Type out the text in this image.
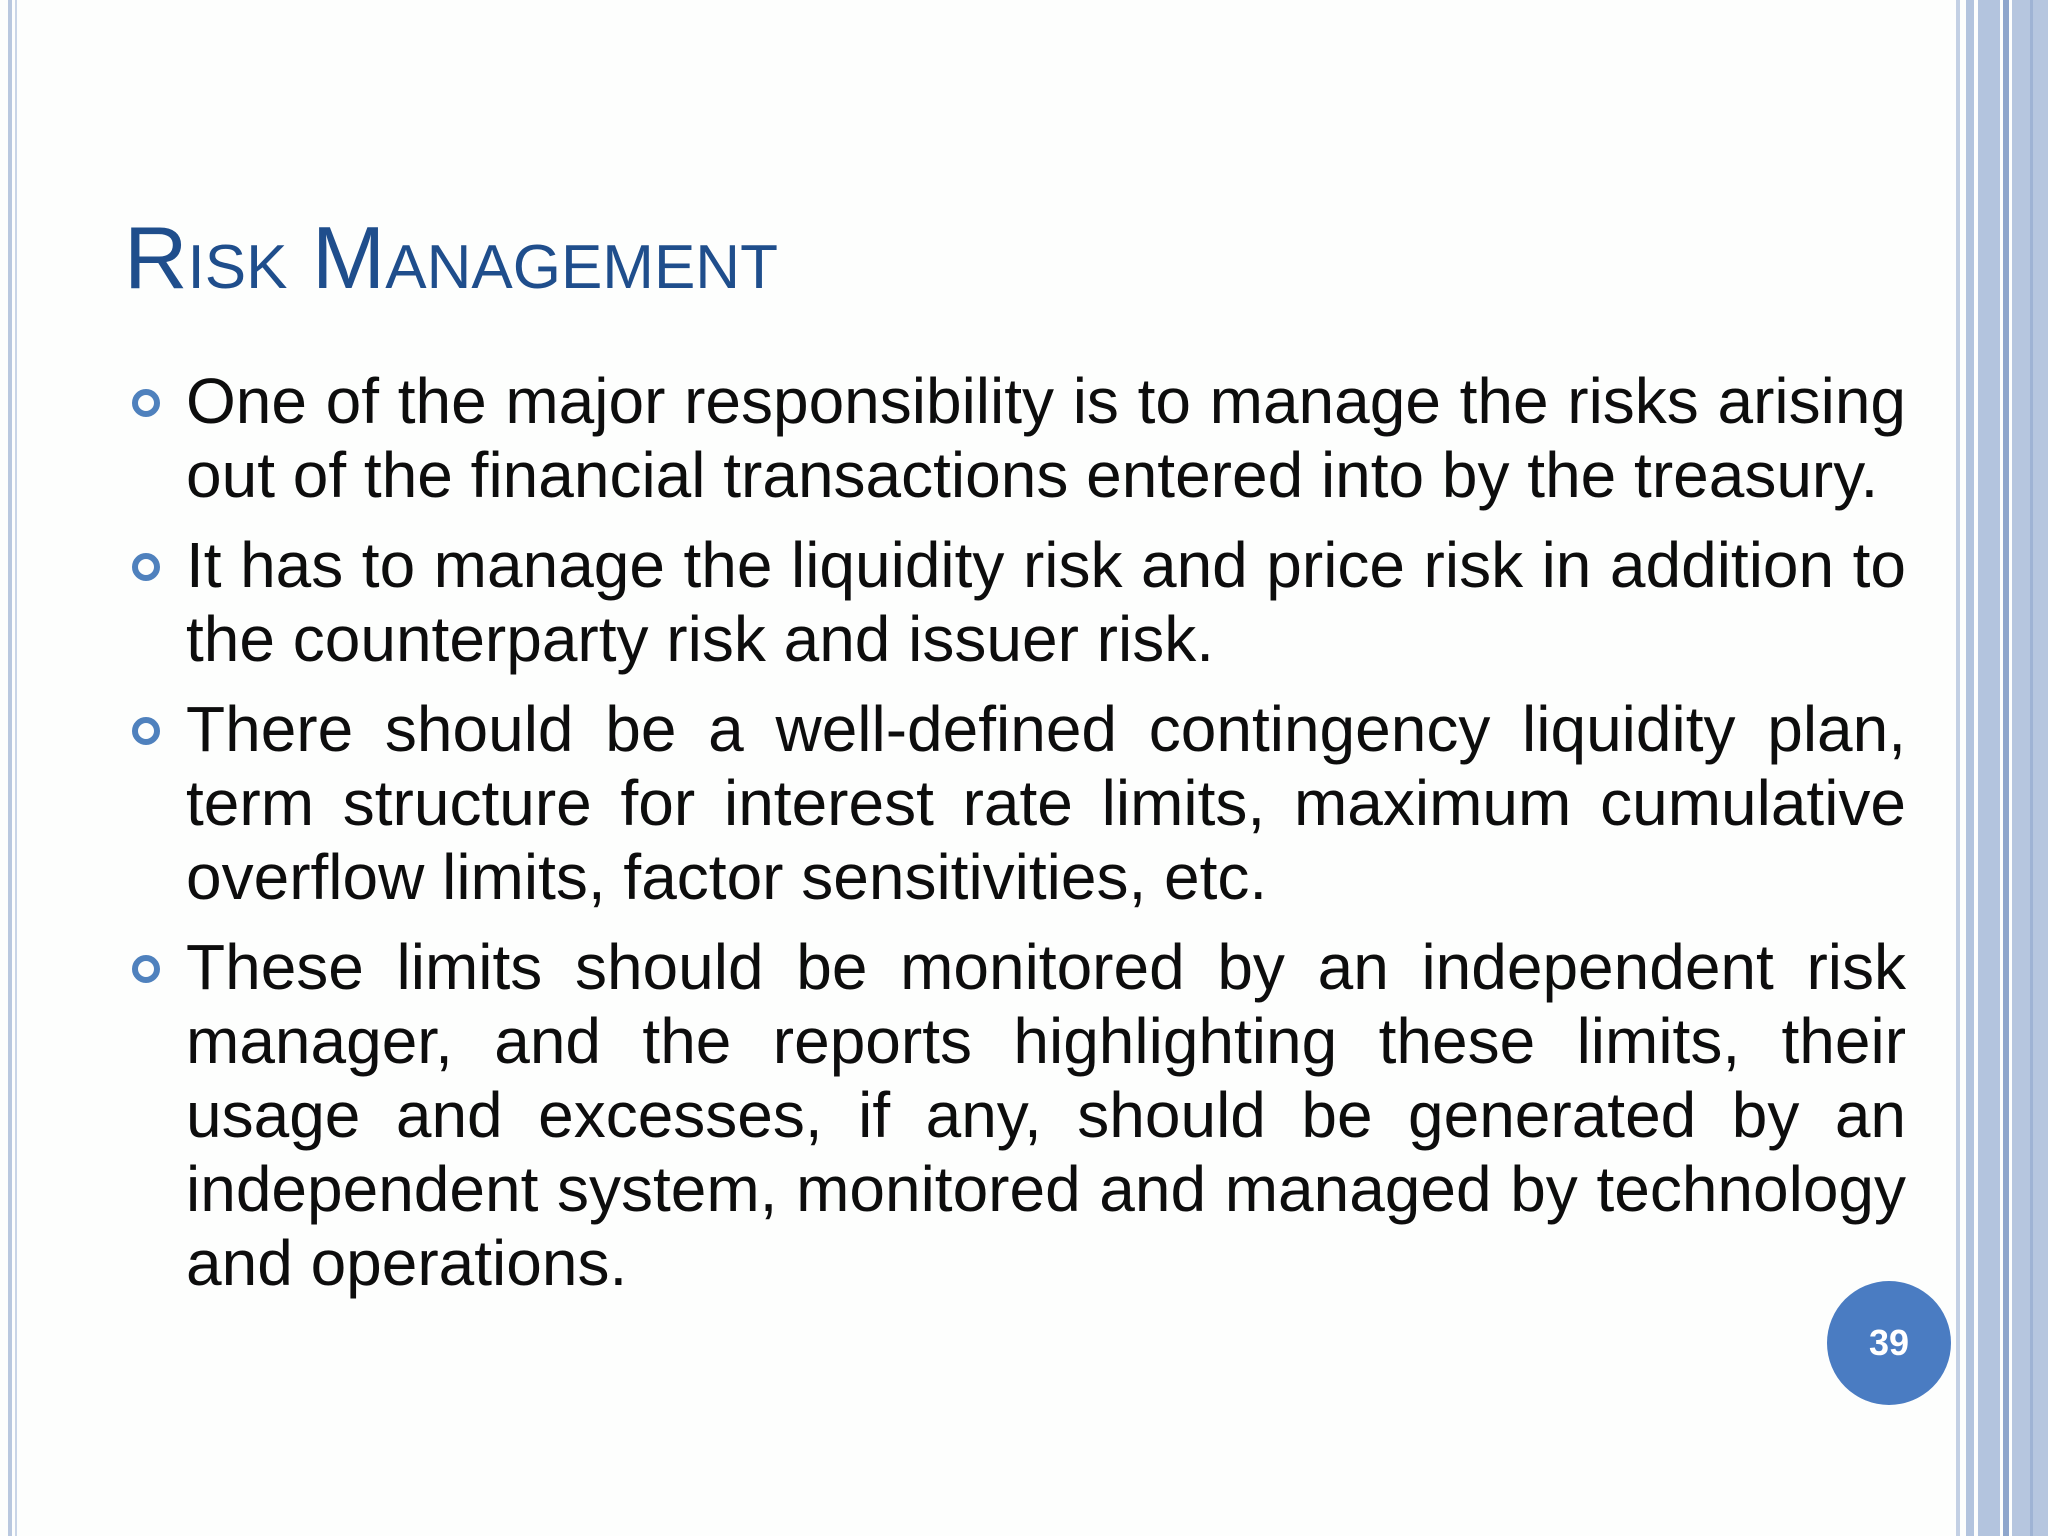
Risk Management
One of the major responsibility is to manage the risks arising out of the financial transactions entered into by the treasury.
It has to manage the liquidity risk and price risk in addition to the counterparty risk and issuer risk.
There should be a well-defined contingency liquidity plan, term structure for interest rate limits, maximum cumulative overflow limits, factor sensitivities, etc.
These limits should be monitored by an independent risk manager, and the reports highlighting these limits, their usage and excesses, if any, should be generated by an independent system, monitored and managed by technology and operations.
39
